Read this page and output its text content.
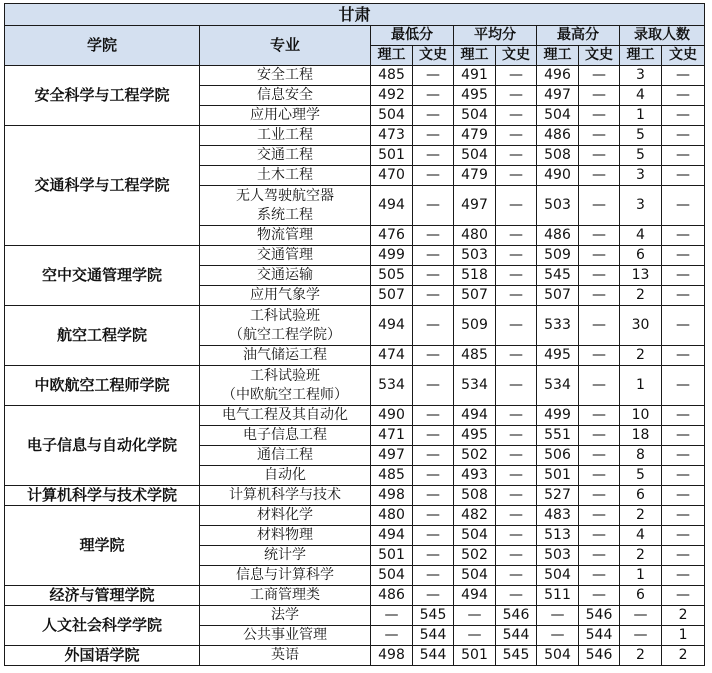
甘肃									
学院	专业	最低分		平均分		最高分		录取人数	
		理工	文史	理工	文史	理工	文史	理工	文史
安全科学与工程学院	安全工程	485	—	491	—	496	—	3	—

	信息安全	492	—	495	—	497	—	4	—

	应用心理学	504	—	504	—	504	—	1	—
交通科学与工程学院	工业工程	473	—	479	—	486	—	5	—

	交通工程	501	—	504	—	508	—	5	—

	土木工程	470	—	479	—	490	—	3	—

	无人驾驶航空器
系统工程	494	—	497	—	503	—	3	—

	物流管理	476	—	480	—	486	—	4	—
空中交通管理学院	交通管理	499	—	503	—	509	—	6	—

	交通运输	505	—	518	—	545	—	13	—

	应用气象学	507	—	507	—	507	—	2	—
航空工程学院	工科试验班
（航空工程学院）	494	—	509	—	533	—	30	—

	油气储运工程	474	—	485	—	495	—	2	—
中欧航空工程师学院	工科试验班
（中欧航空工程师）	534	—	534	—	534	—	1	—
电子信息与自动化学院	电气工程及其自动化	490	—	494	—	499	—	10	—

	电子信息工程	471	—	495	—	551	—	18	—

	通信工程	497	—	502	—	506	—	8	—

	自动化	485	—	493	—	501	—	5	—
计算机科学与技术学院	计算机科学与技术	498	—	508	—	527	—	6	—
理学院	材料化学	480	—	482	—	483	—	2	—

	材料物理	494	—	504	—	513	—	4	—

	统计学	501	—	502	—	503	—	2	—

	信息与计算科学	504	—	504	—	504	—	1	—
经济与管理学院	工商管理类	486	—	494	—	511	—	6	—
人文社会科学学院	法学	—	545	—	546	—	546	—	2

	公共事业管理	—	544	—	544	—	544	—	1
外国语学院	英语	498	544	501	545	504	546	2	2
